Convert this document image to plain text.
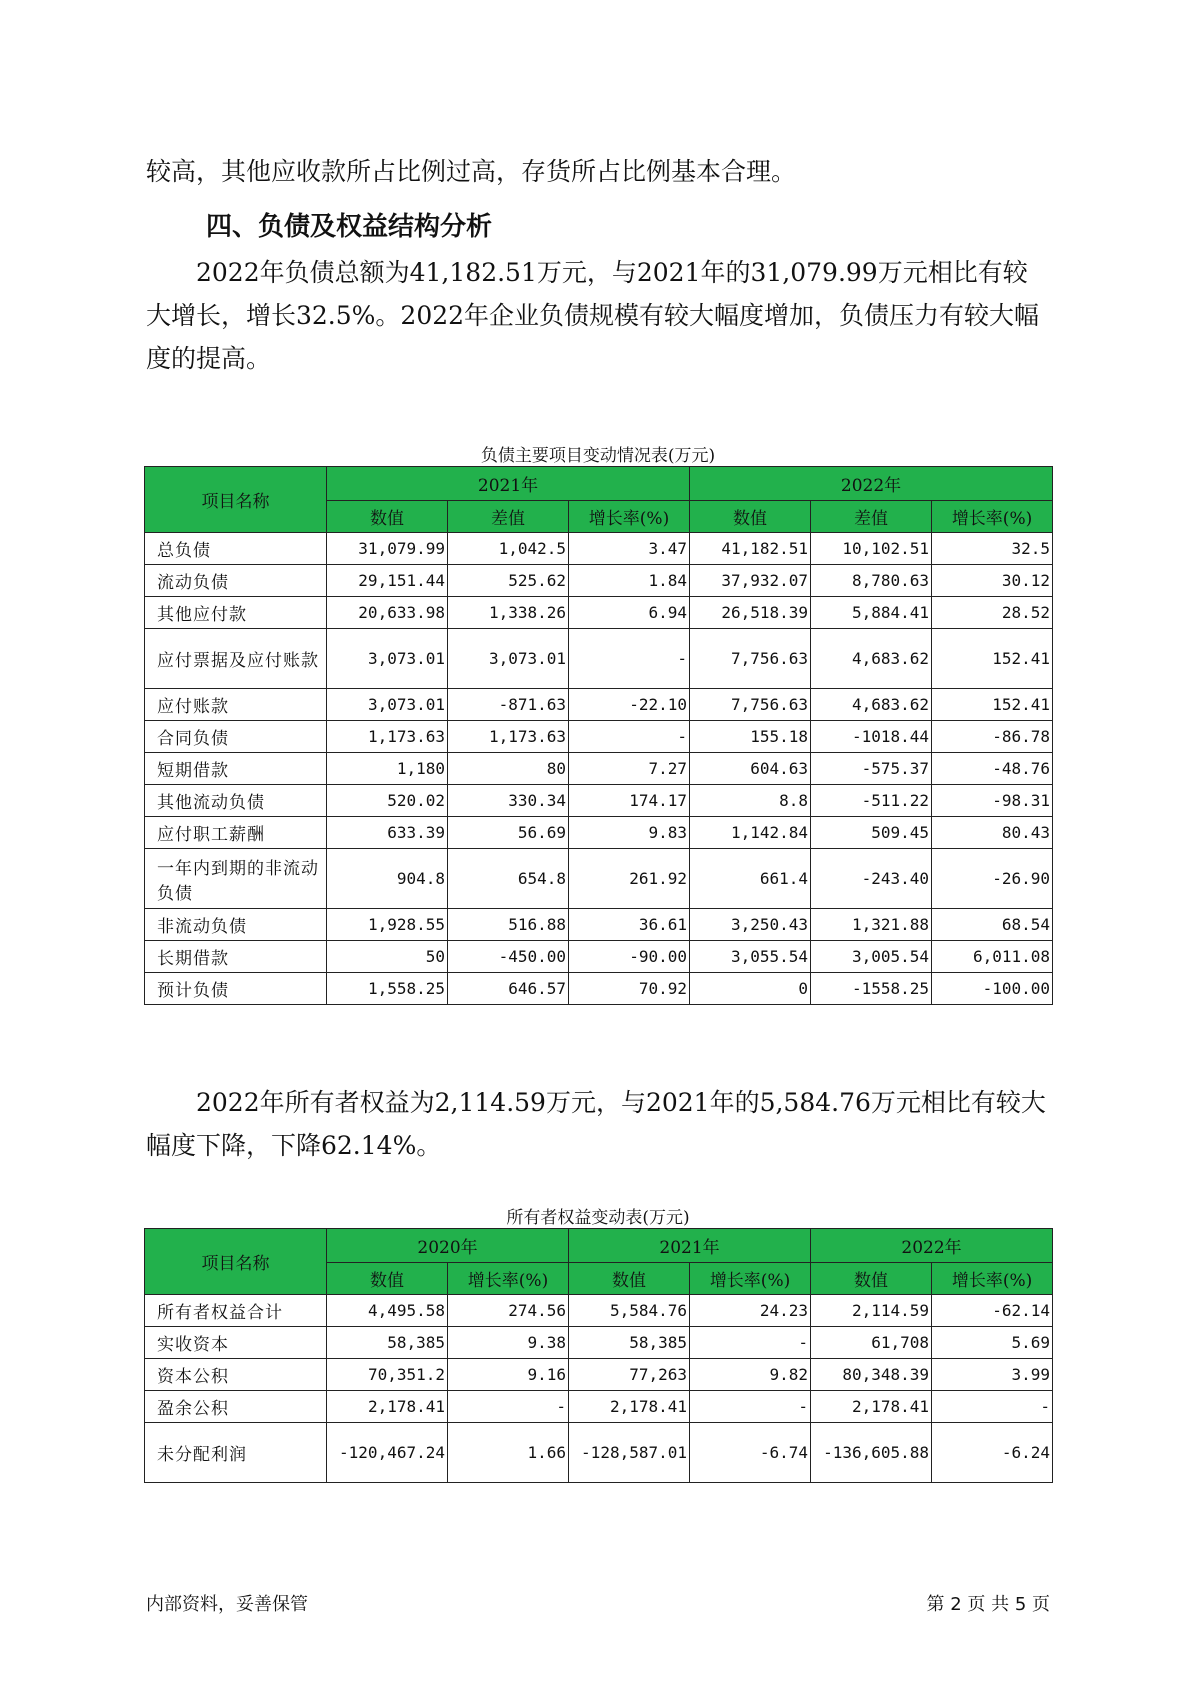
较高，其他应收款所占比例过高，存货所占比例基本合理。

四、负债及权益结构分析

2022年负债总额为41,182.51万元，与2021年的31,079.99万元相比有较大增长，增长32.5%。2022年企业负债规模有较大幅度增加，负债压力有较大幅度的提高。

负债主要项目变动情况表(万元)
项目名称	2021年			2022年		
	数值	差值	增长率(%)	数值	差值	增长率(%)
总负债	31,079.99	1,042.5	3.47	41,182.51	10,102.51	32.5
流动负债	29,151.44	525.62	1.84	37,932.07	8,780.63	30.12
其他应付款	20,633.98	1,338.26	6.94	26,518.39	5,884.41	28.52
应付票据及应付账款	3,073.01	3,073.01	-	7,756.63	4,683.62	152.41
应付账款	3,073.01	-871.63	-22.10	7,756.63	4,683.62	152.41
合同负债	1,173.63	1,173.63	-	155.18	-1018.44	-86.78
短期借款	1,180	80	7.27	604.63	-575.37	-48.76
其他流动负债	520.02	330.34	174.17	8.8	-511.22	-98.31
应付职工薪酬	633.39	56.69	9.83	1,142.84	509.45	80.43
一年内到期的非流动负债	904.8	654.8	261.92	661.4	-243.40	-26.90
非流动负债	1,928.55	516.88	36.61	3,250.43	1,321.88	68.54
长期借款	50	-450.00	-90.00	3,055.54	3,005.54	6,011.08
预计负债	1,558.25	646.57	70.92	0	-1558.25	-100.00

2022年所有者权益为2,114.59万元，与2021年的5,584.76万元相比有较大幅度下降，下降62.14%。

所有者权益变动表(万元)
项目名称	2020年		2021年		2022年	
	数值	增长率(%)	数值	增长率(%)	数值	增长率(%)
所有者权益合计	4,495.58	274.56	5,584.76	24.23	2,114.59	-62.14
实收资本	58,385	9.38	58,385	-	61,708	5.69
资本公积	70,351.2	9.16	77,263	9.82	80,348.39	3.99
盈余公积	2,178.41	-	2,178.41	-	2,178.41	-
未分配利润	-120,467.24	1.66	-128,587.01	-6.74	-136,605.88	-6.24
内部资料，妥善保管	第 2 页 共 5 页
